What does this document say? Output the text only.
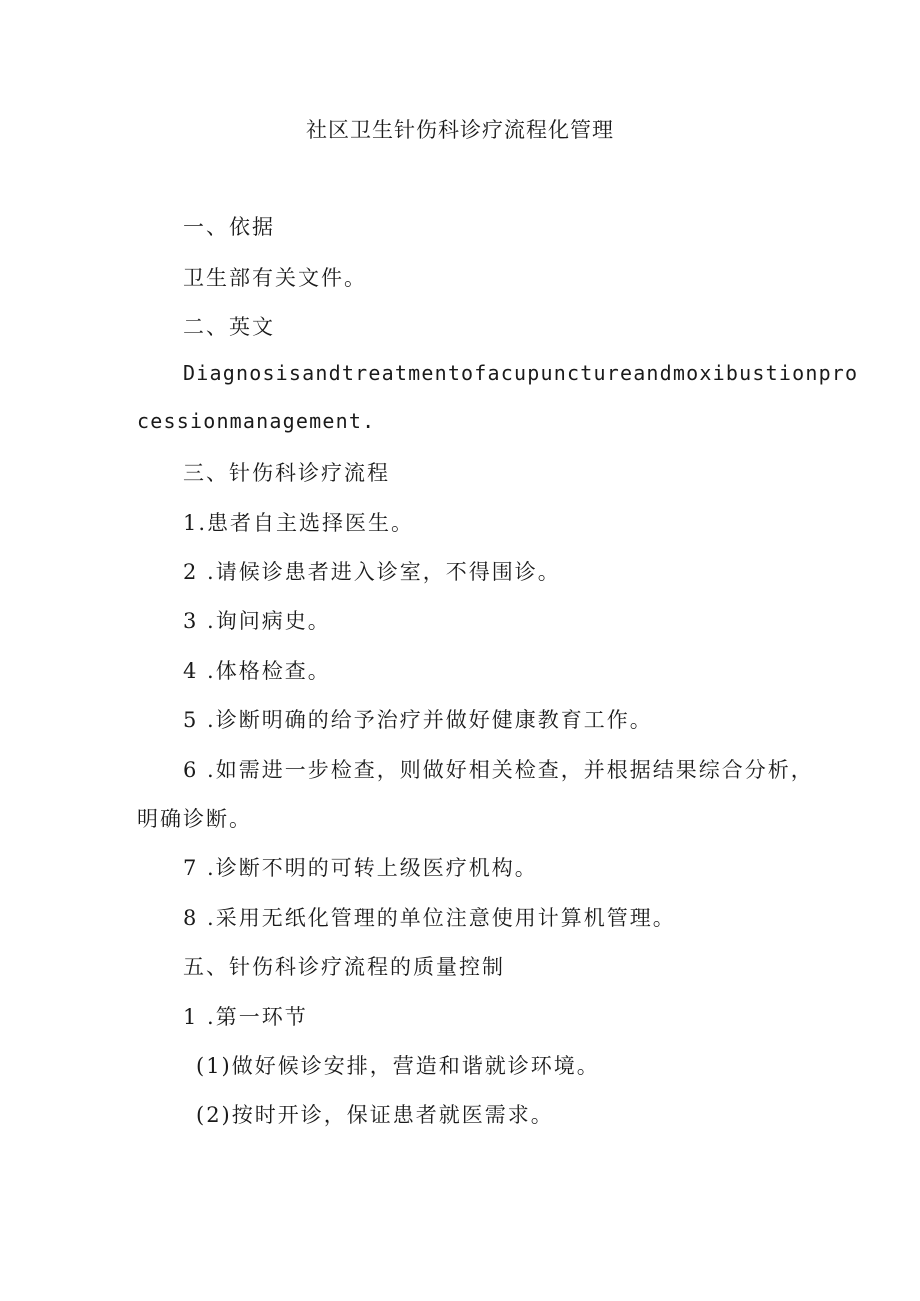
社区卫生针伤科诊疗流程化管理
一、依据
卫生部有关文件。
二、英文
Diagnosisandtreatmentofacupunctureandmoxibustionpro
cessionmanagement.
三、针伤科诊疗流程
1.患者自主选择医生。
2 .请候诊患者进入诊室，不得围诊。
3 .询问病史。
4 .体格检查。
5 .诊断明确的给予治疗并做好健康教育工作。
6 .如需进一步检查，则做好相关检查，并根据结果综合分析，
明确诊断。
7 .诊断不明的可转上级医疗机构。
8 .采用无纸化管理的单位注意使用计算机管理。
五、针伤科诊疗流程的质量控制
1 .第一环节
(1)做好候诊安排，营造和谐就诊环境。
(2)按时开诊，保证患者就医需求。
